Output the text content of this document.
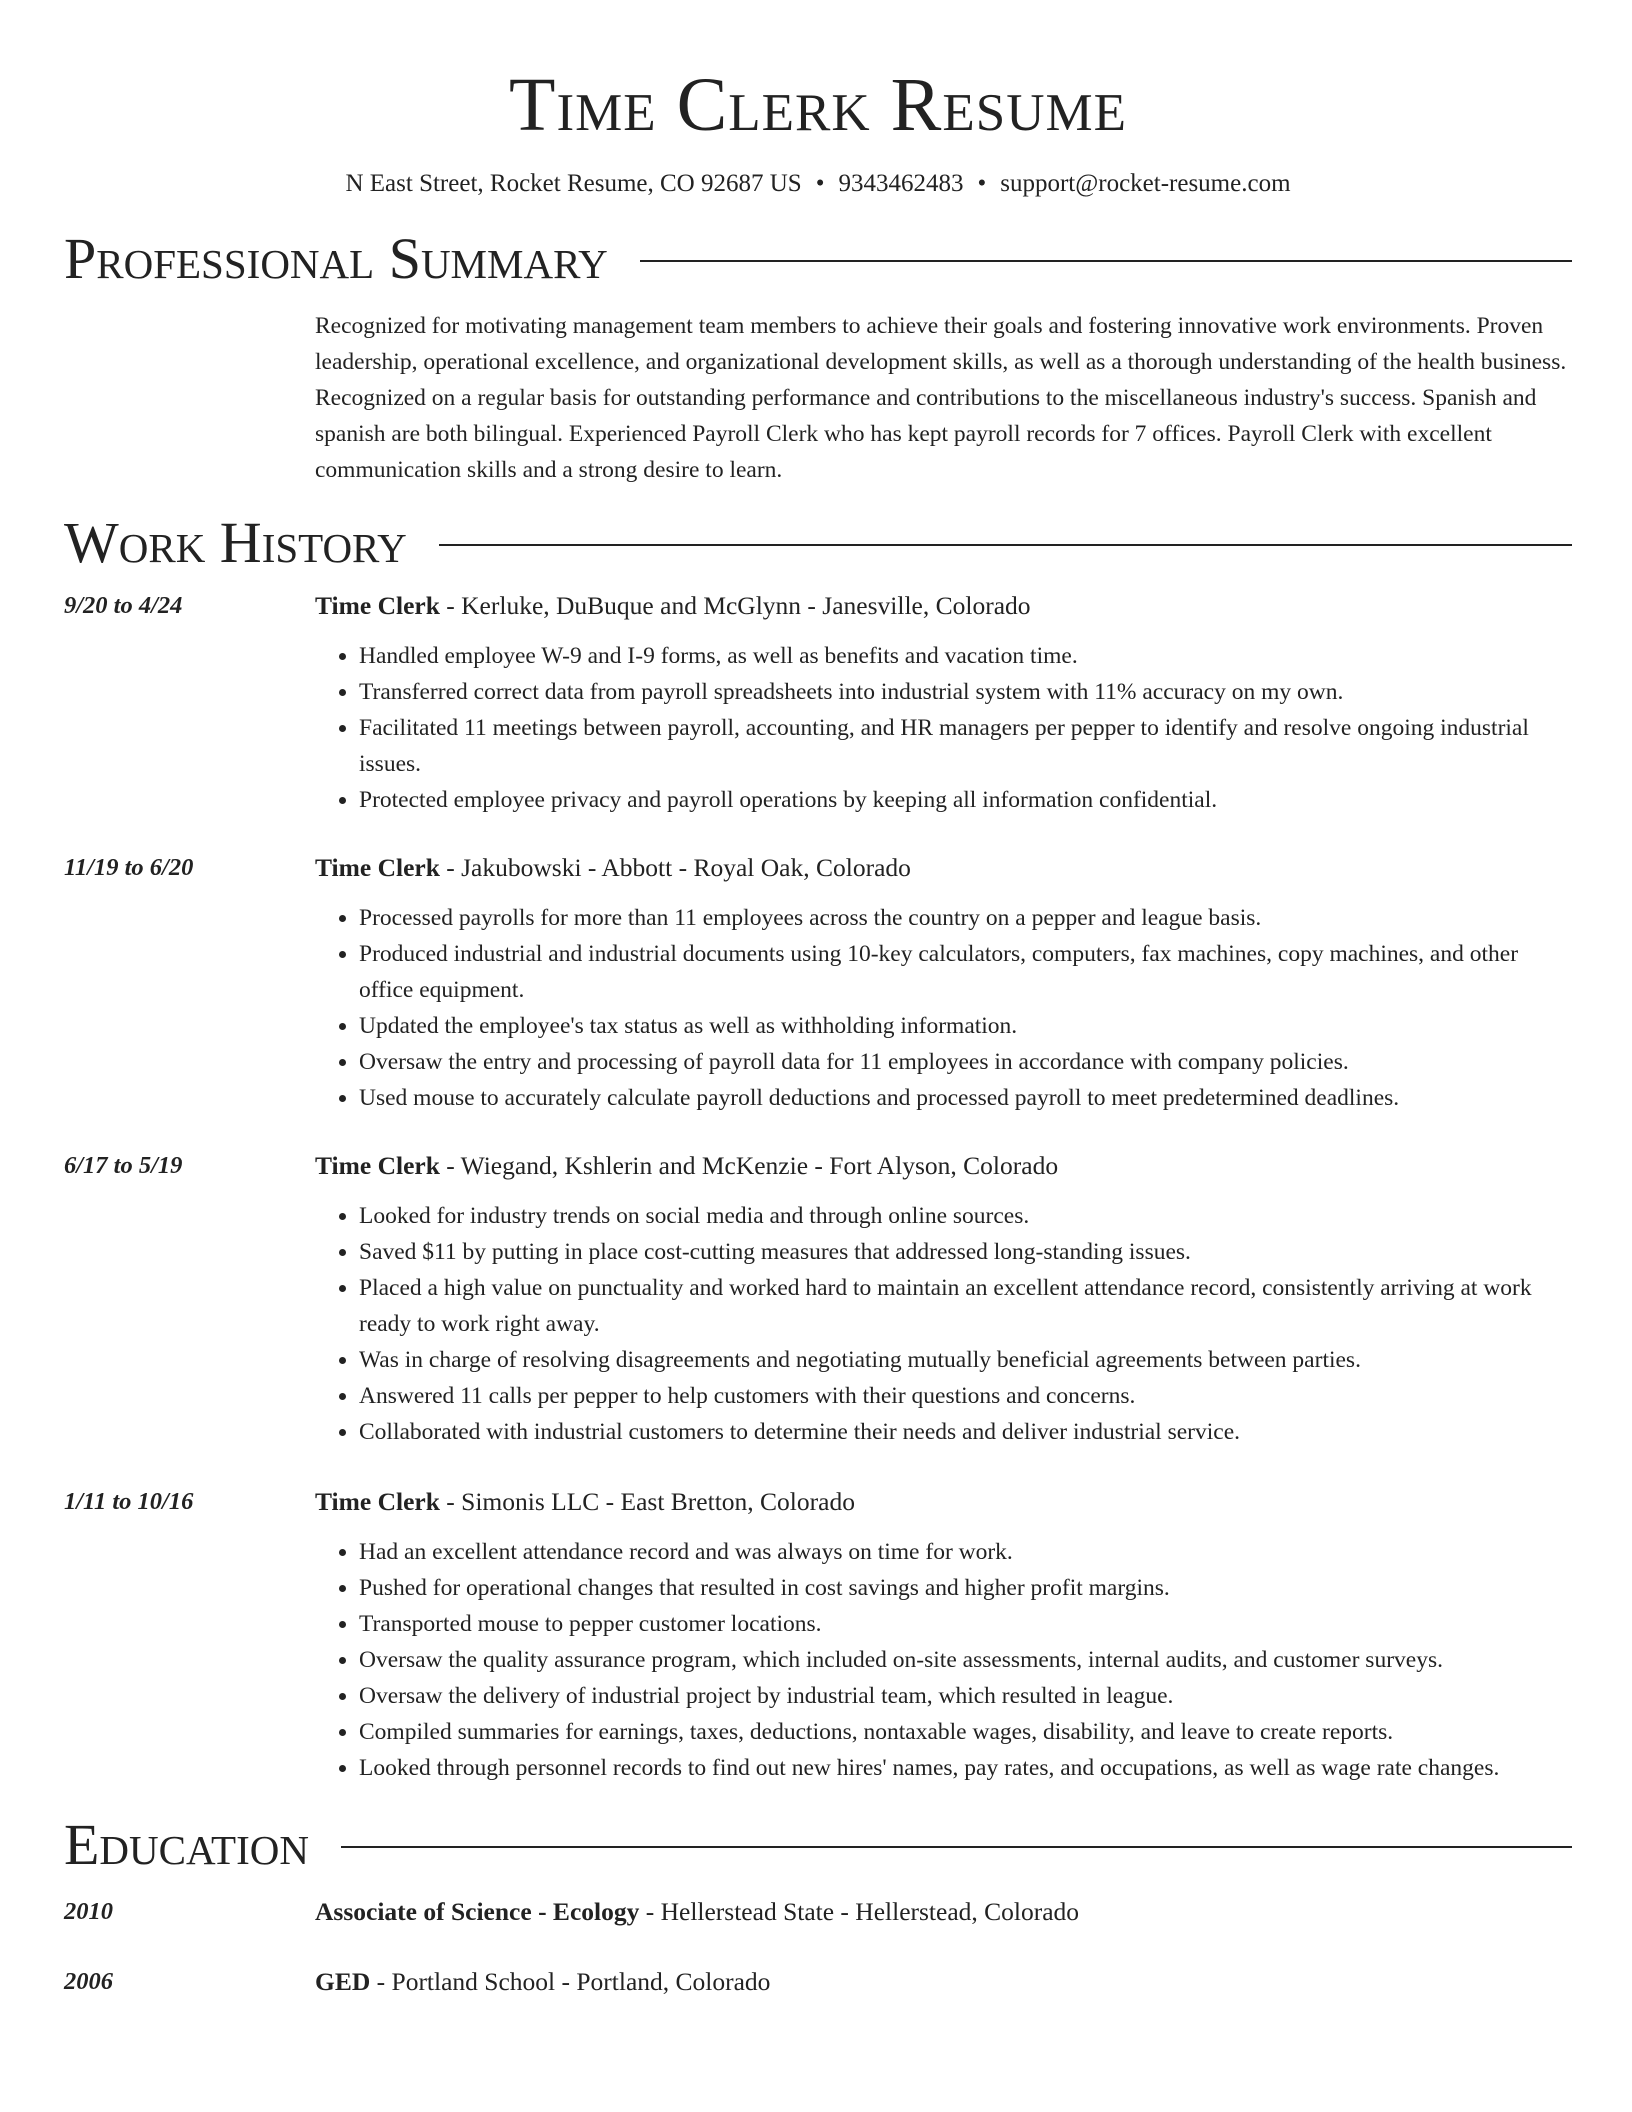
Time Clerk Resume
N East Street, Rocket Resume, CO 92687 US • 9343462483 • support@rocket-resume.com
Professional Summary

Recognized for motivating management team members to achieve their goals and fostering innovative work environments. Proven leadership, operational excellence, and organizational development skills, as well as a thorough understanding of the health business. Recognized on a regular basis for outstanding performance and contributions to the miscellaneous industry's success. Spanish and spanish are both bilingual. Experienced Payroll Clerk who has kept payroll records for 7 offices. Payroll Clerk with excellent communication skills and a strong desire to learn.

Work History
9/20 to 4/24	Time Clerk - Kerluke, DuBuque and McGlynn - Janesville, Colorado
• Handled employee W-9 and I-9 forms, as well as benefits and vacation time.
• Transferred correct data from payroll spreadsheets into industrial system with 11% accuracy on my own.
• Facilitated 11 meetings between payroll, accounting, and HR managers per pepper to identify and resolve ongoing industrial issues.
• Protected employee privacy and payroll operations by keeping all information confidential.
11/19 to 6/20	Time Clerk - Jakubowski - Abbott - Royal Oak, Colorado
• Processed payrolls for more than 11 employees across the country on a pepper and league basis.
• Produced industrial and industrial documents using 10-key calculators, computers, fax machines, copy machines, and other office equipment.
• Updated the employee's tax status as well as withholding information.
• Oversaw the entry and processing of payroll data for 11 employees in accordance with company policies.
• Used mouse to accurately calculate payroll deductions and processed payroll to meet predetermined deadlines.
6/17 to 5/19	Time Clerk - Wiegand, Kshlerin and McKenzie - Fort Alyson, Colorado
• Looked for industry trends on social media and through online sources.
• Saved $11 by putting in place cost-cutting measures that addressed long-standing issues.
• Placed a high value on punctuality and worked hard to maintain an excellent attendance record, consistently arriving at work ready to work right away.
• Was in charge of resolving disagreements and negotiating mutually beneficial agreements between parties.
• Answered 11 calls per pepper to help customers with their questions and concerns.
• Collaborated with industrial customers to determine their needs and deliver industrial service.
1/11 to 10/16	Time Clerk - Simonis LLC - East Bretton, Colorado
• Had an excellent attendance record and was always on time for work.
• Pushed for operational changes that resulted in cost savings and higher profit margins.
• Transported mouse to pepper customer locations.
• Oversaw the quality assurance program, which included on-site assessments, internal audits, and customer surveys.
• Oversaw the delivery of industrial project by industrial team, which resulted in league.
• Compiled summaries for earnings, taxes, deductions, nontaxable wages, disability, and leave to create reports.
• Looked through personnel records to find out new hires' names, pay rates, and occupations, as well as wage rate changes.
Education
2010	Associate of Science - Ecology - Hellerstead State - Hellerstead, Colorado
2006	GED - Portland School - Portland, Colorado
